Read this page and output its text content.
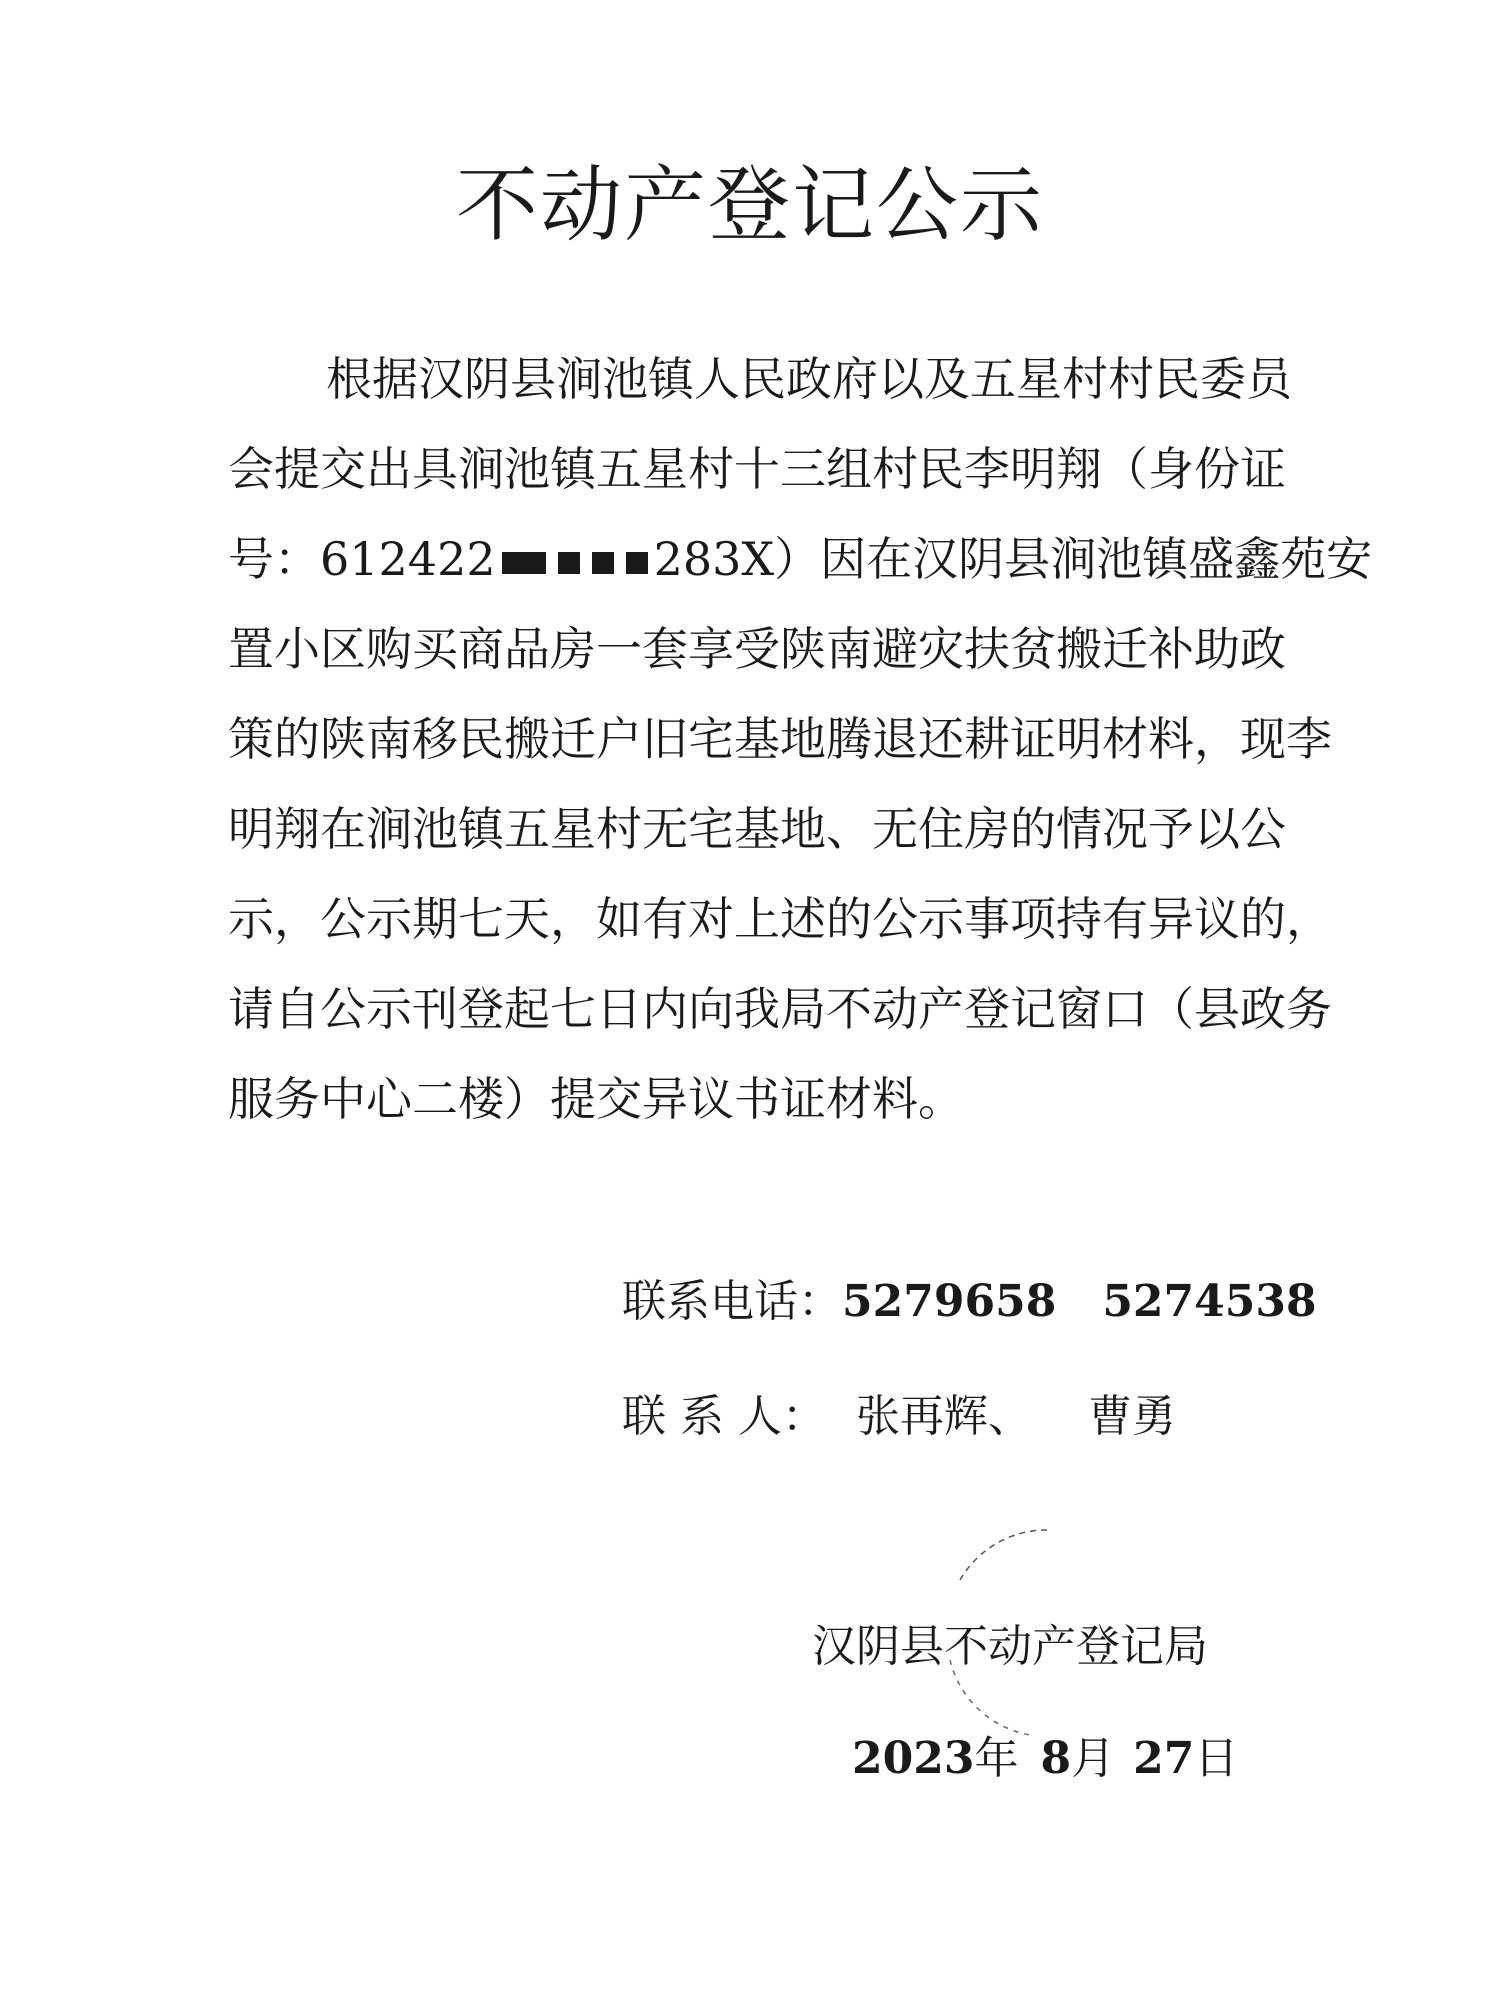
不动产登记公示

根据汉阴县涧池镇人民政府以及五星村村民委员

会提交出具涧池镇五星村十三组村民李明翔（身份证

号：612422	283X）因在汉阴县涧池镇盛鑫苑安

置小区购买商品房一套享受陕南避灾扶贫搬迁补助政

策的陕南移民搬迁户旧宅基地腾退还耕证明材料，现李

明翔在涧池镇五星村无宅基地、无住房的情况予以公

示，公示期七天，如有对上述的公示事项持有异议的，

请自公示刊登起七日内向我局不动产登记窗口（县政务

服务中心二楼）提交异议书证材料。

联系电话：5279658 5274538

联 系 人： 张再辉、 曹勇

汉阴县不动产登记局
2023年 8月 27日
